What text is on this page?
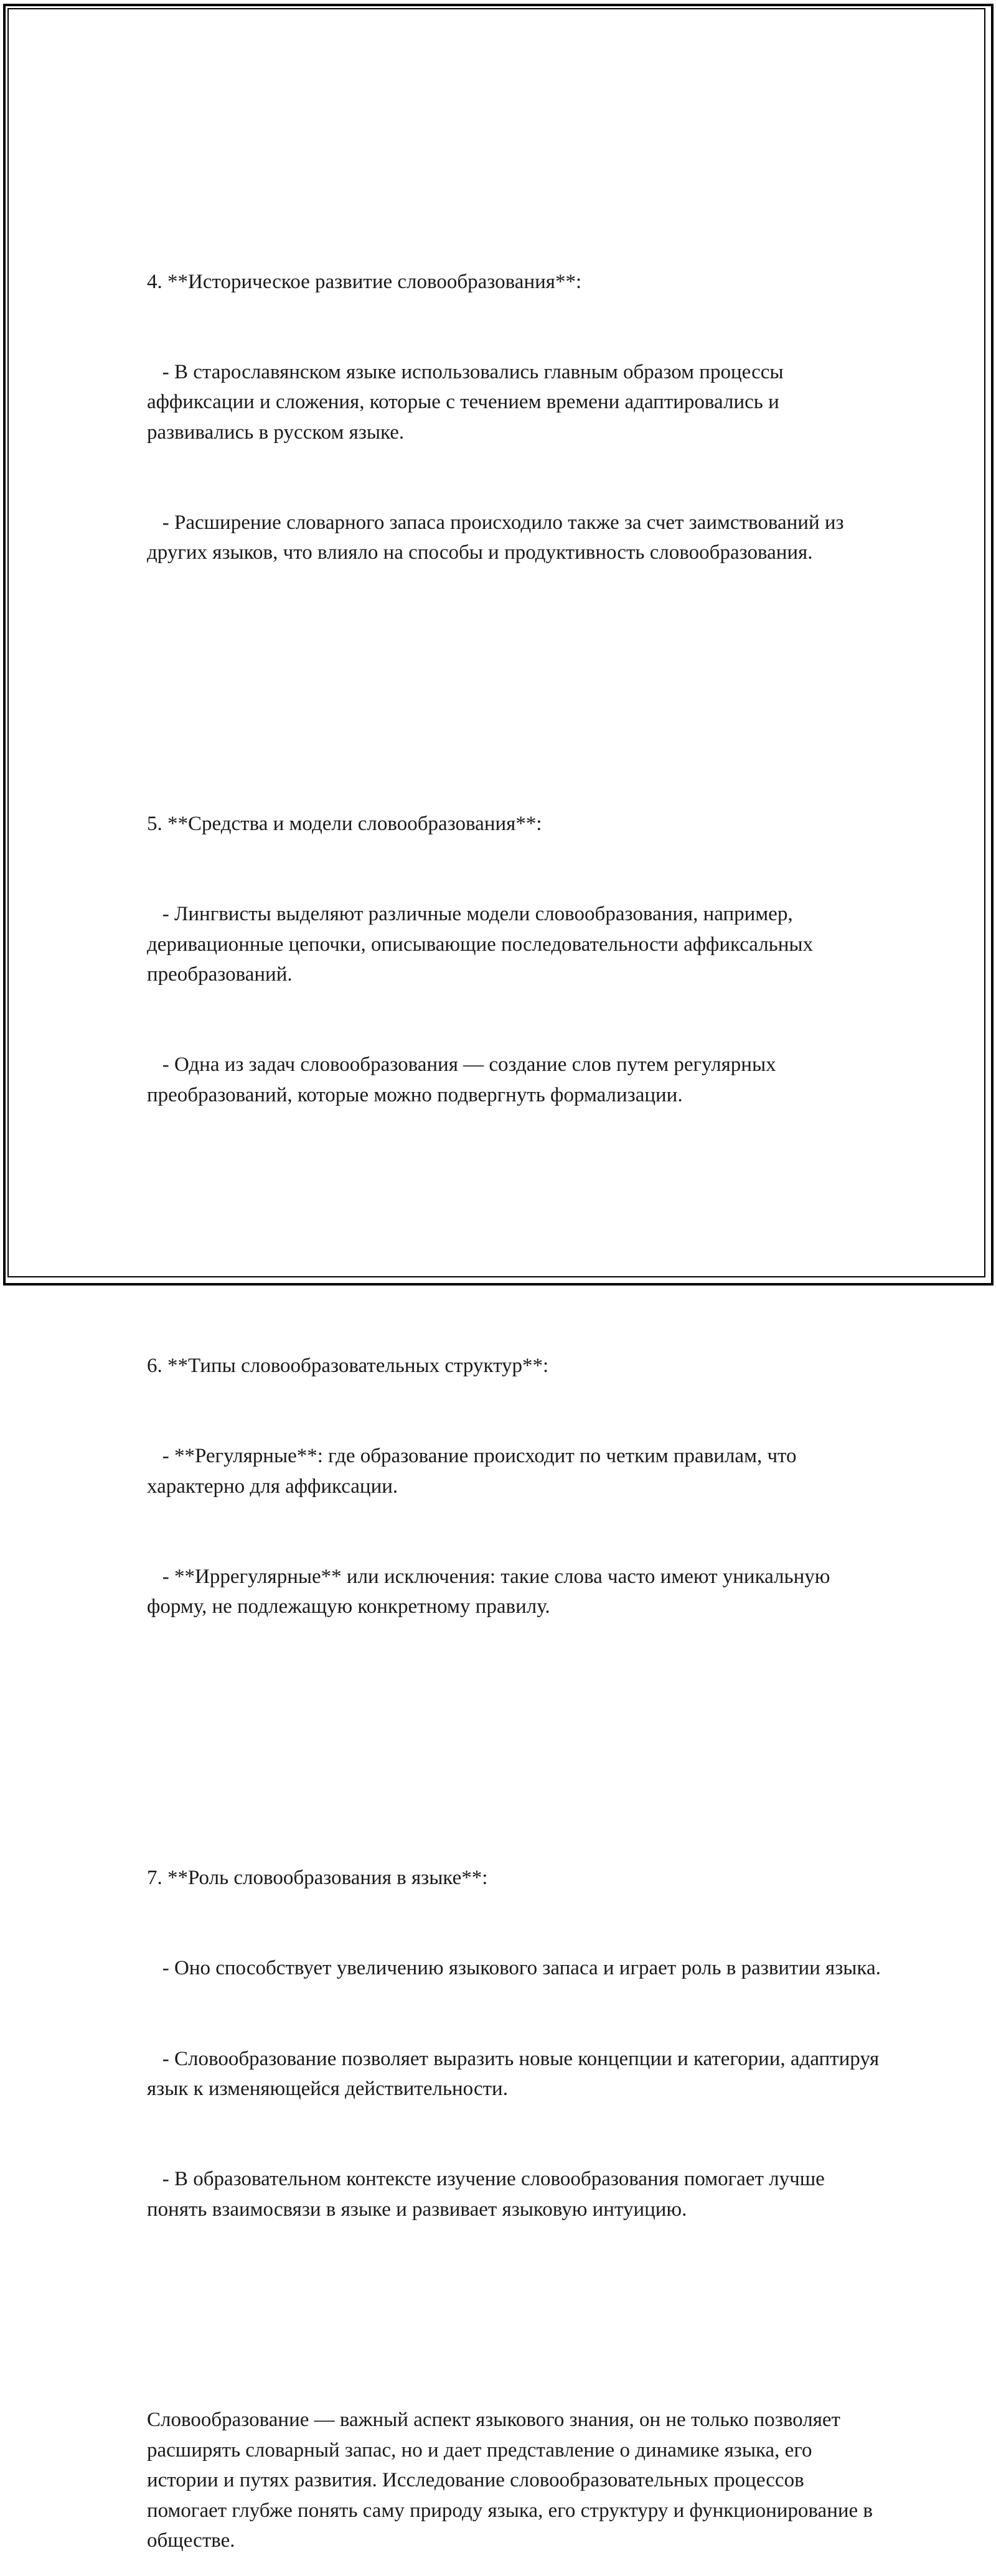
4. **Историческое развитие словообразования**:

- В старославянском языке использовались главным образом процессы аффиксации и сложения, которые с течением времени адаптировались и развивались в русском языке.

- Расширение словарного запаса происходило также за счет заимствований из других языков, что влияло на способы и продуктивность словообразования.

5. **Средства и модели словообразования**:

- Лингвисты выделяют различные модели словообразования, например, деривационные цепочки, описывающие последовательности аффиксальных преобразований.

- Одна из задач словообразования — создание слов путем регулярных преобразований, которые можно подвергнуть формализации.

6. **Типы словообразовательных структур**:

- **Регулярные**: где образование происходит по четким правилам, что характерно для аффиксации.

- **Иррегулярные** или исключения: такие слова часто имеют уникальную форму, не подлежащую конкретному правилу.

7. **Роль словообразования в языке**:

- Оно способствует увеличению языкового запаса и играет роль в развитии языка.

- Словообразование позволяет выразить новые концепции и категории, адаптируя язык к изменяющейся действительности.

- В образовательном контексте изучение словообразования помогает лучше понять взаимосвязи в языке и развивает языковую интуицию.

Словообразование — важный аспект языкового знания, он не только позволяет расширять словарный запас, но и дает представление о динамике языка, его истории и путях развития. Исследование словообразовательных процессов помогает глубже понять саму природу языка, его структуру и функционирование в обществе.
